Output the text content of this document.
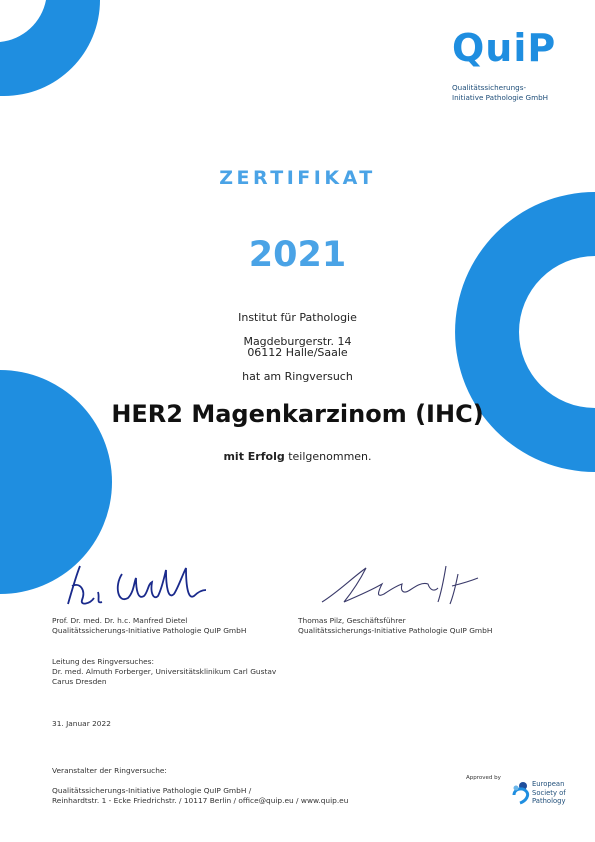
QuiP
Qualitätssicherungs-
Initiative Pathologie GmbH
ZERTIFIKAT
2021
Institut für Pathologie
Magdeburgerstr. 14
06112 Halle/Saale
hat am Ringversuch
HER2 Magenkarzinom (IHC)
mit Erfolg teilgenommen.
Prof. Dr. med. Dr. h.c. Manfred Dietel
Qualitätssicherungs-Initiative Pathologie QuIP GmbH
Thomas Pilz, Geschäftsführer
Qualitätssicherungs-Initiative Pathologie QuIP GmbH
Leitung des Ringversuches:
Dr. med. Almuth Forberger, Universitätsklinikum Carl Gustav
Carus Dresden
31. Januar 2022
Veranstalter der Ringversuche:
Qualitätssicherungs-Initiative Pathologie QuIP GmbH /
Reinhardtstr. 1 - Ecke Friedrichstr. / 10117 Berlin / office@quip.eu / www.quip.eu
Approved by
European
Society of
Pathology
